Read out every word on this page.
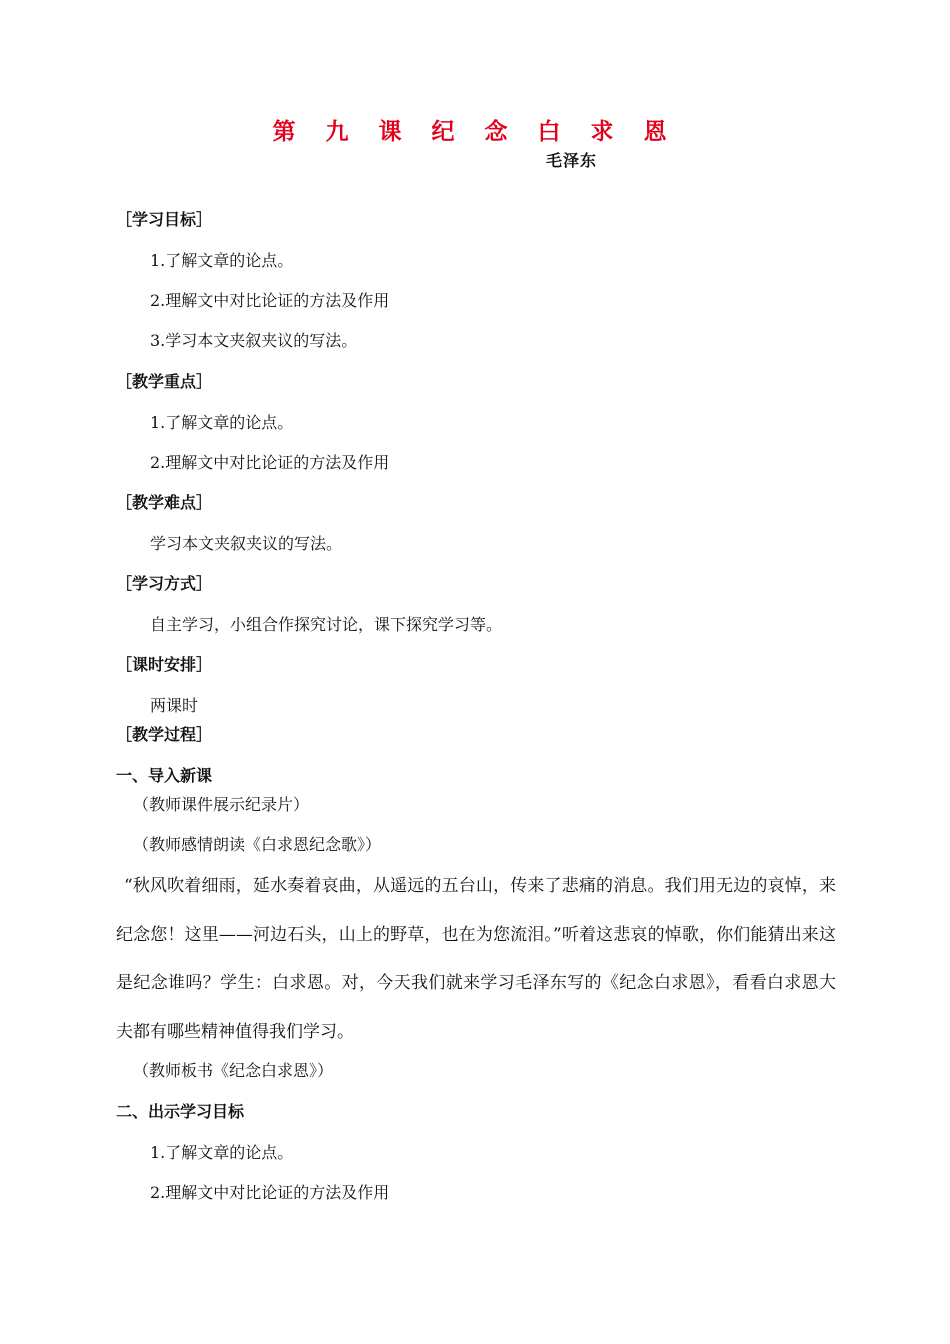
第 九 课 纪 念 白 求 恩
毛泽东
［学习目标］
1.了解文章的论点。
2.理解文中对比论证的方法及作用
3.学习本文夹叙夹议的写法。
［教学重点］
1.了解文章的论点。
2.理解文中对比论证的方法及作用
［教学难点］
学习本文夹叙夹议的写法。
［学习方式］
自主学习，小组合作探究讨论，课下探究学习等。
［课时安排］
两课时
［教学过程］
一、导入新课
（教师课件展示纪录片）
（教师感情朗读《白求恩纪念歌》）
“秋风吹着细雨，延水奏着哀曲，从遥远的五台山，传来了悲痛的消息。我们用无边的哀悼，来纪念您！这里——河边石头，山上的野草，也在为您流泪。”听着这悲哀的悼歌，你们能猜出来这是纪念谁吗？学生：白求恩。对，今天我们就来学习毛泽东写的《纪念白求恩》，看看白求恩大夫都有哪些精神值得我们学习。
（教师板书《纪念白求恩》）
二、出示学习目标
1.了解文章的论点。
2.理解文中对比论证的方法及作用
